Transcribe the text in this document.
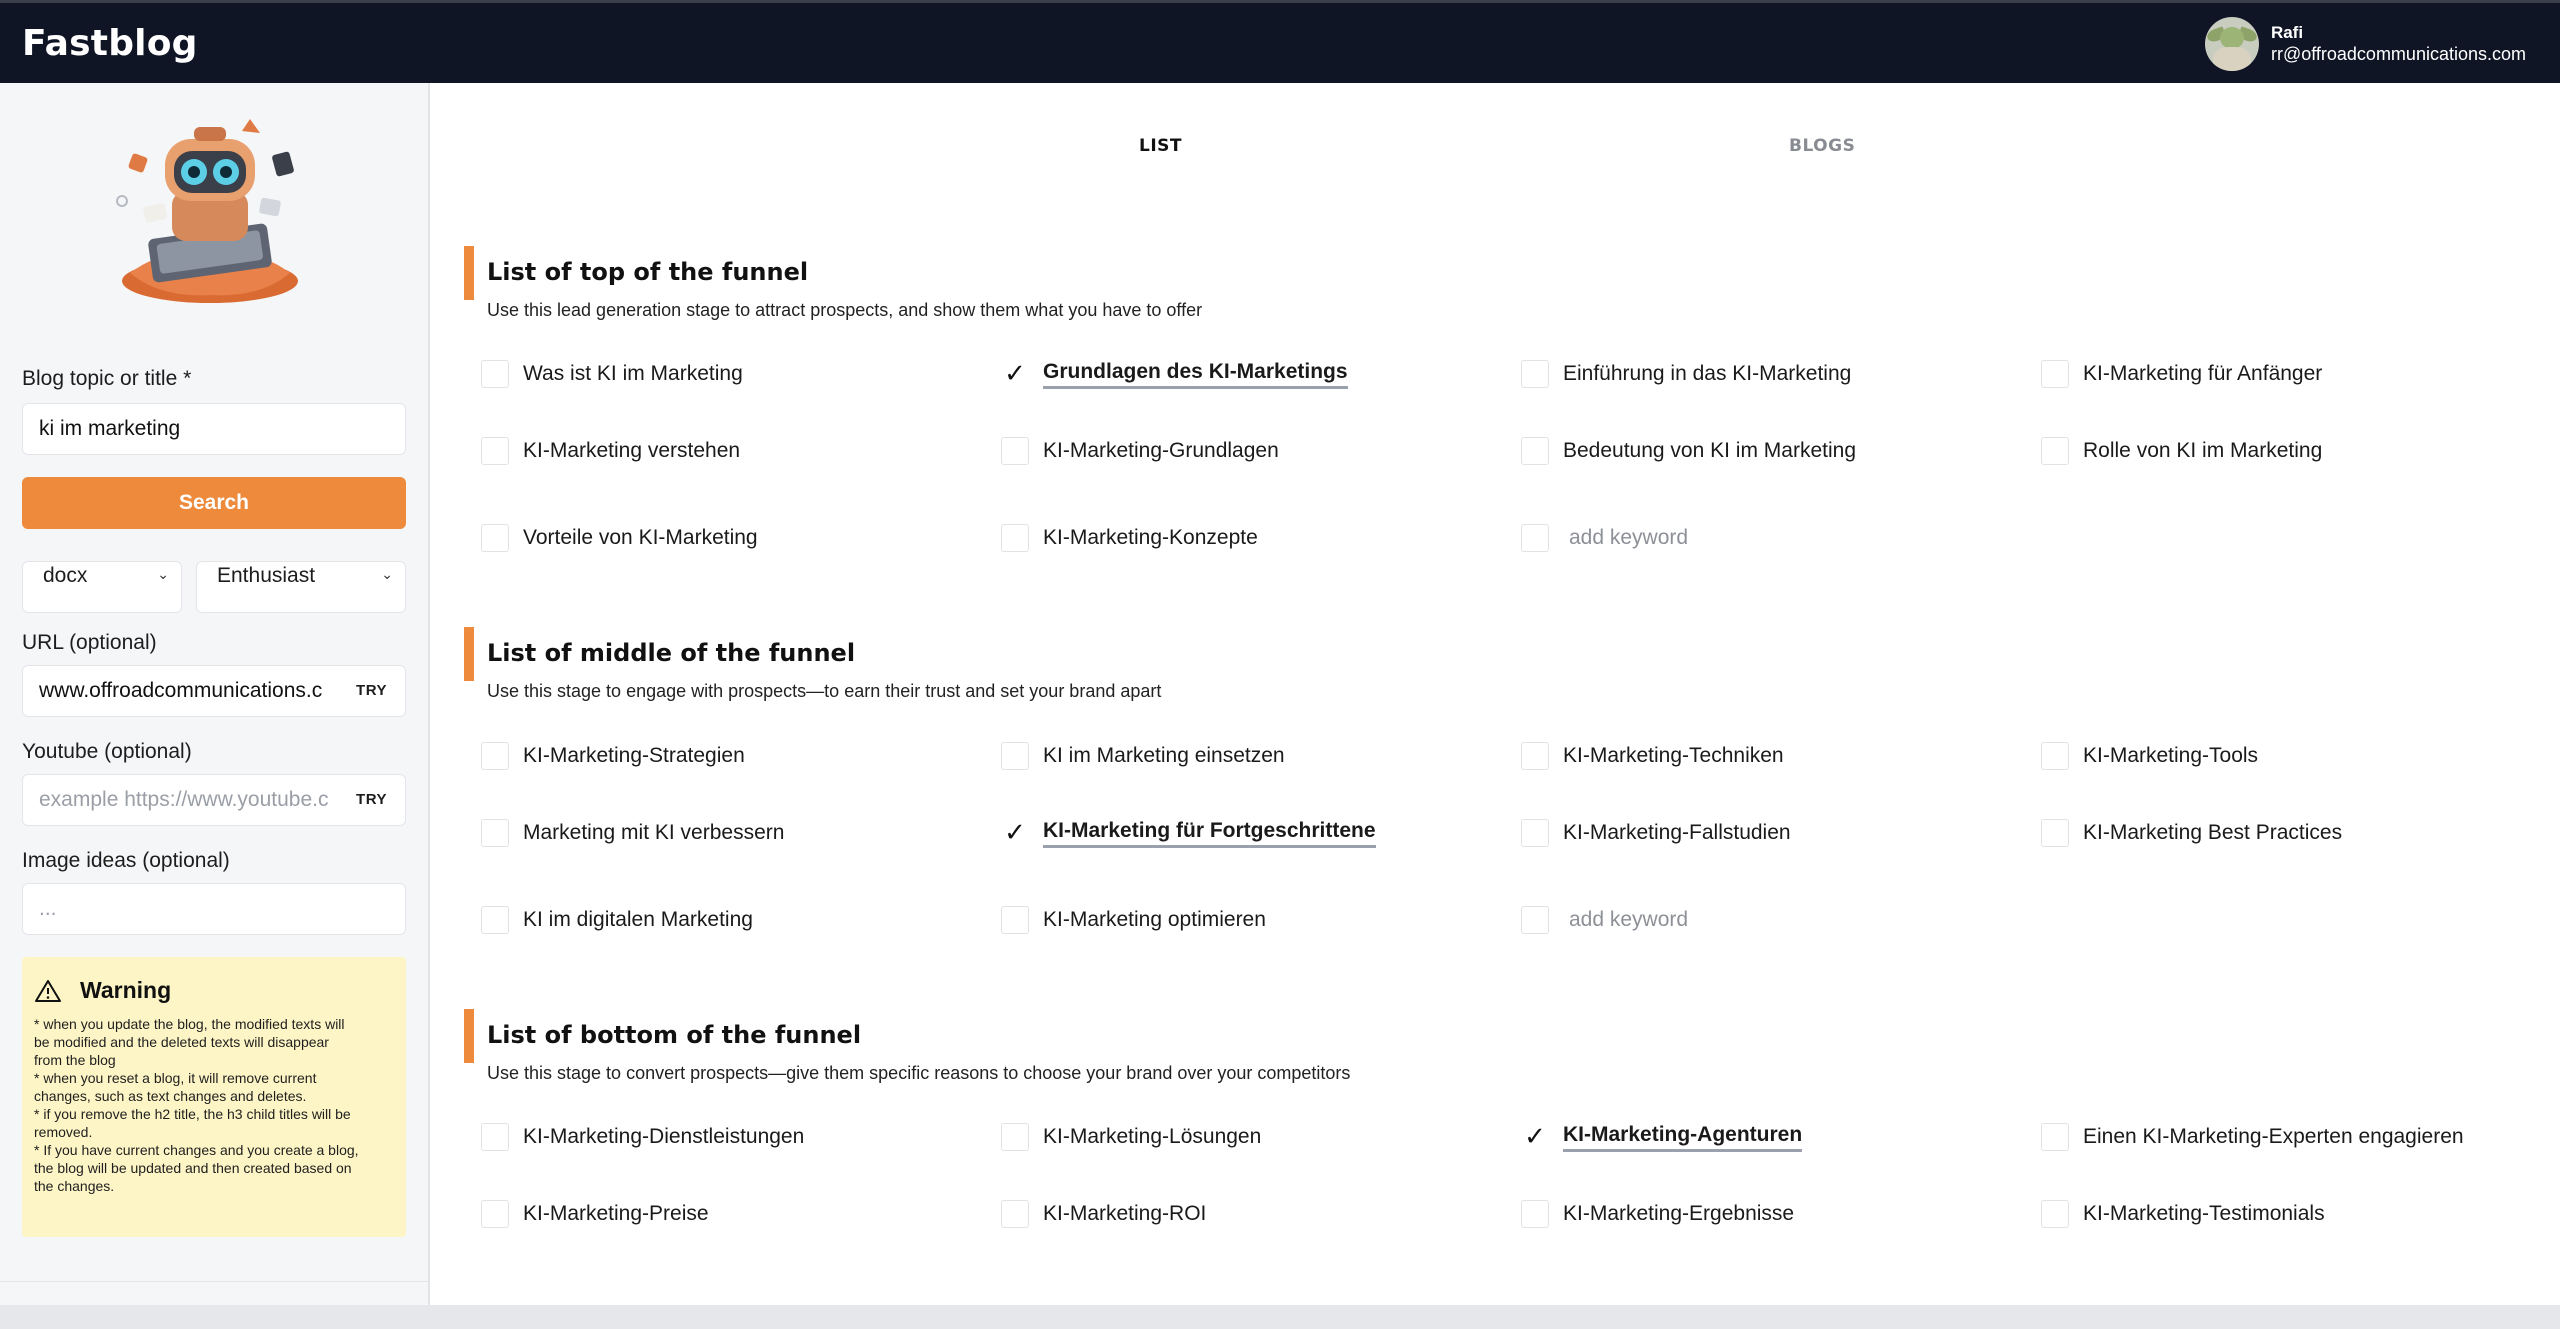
Fastblog	Rafi
rr@offroadcommunications.com
Blog topic or title *
ki im marketing
Search
docx	⌄ Enthusiast	⌄
URL (optional)
www.offroadcommunications.c	TRY
Youtube (optional)
example https://www.youtube.c	TRY
Image ideas (optional)
...
Warning
* when you update the blog, the modified texts will
be modified and the deleted texts will disappear
from the blog
* when you reset a blog, it will remove current
changes, such as text changes and deletes.
* if you remove the h2 title, the h3 child titles will be
removed.
* If you have current changes and you create a blog,
the blog will be updated and then created based on
the changes.
LIST	BLOGS
List of top of the funnel
Use this lead generation stage to attract prospects, and show them what you have to offer
Was ist KI im Marketing	✓ Grundlagen des KI-Marketings	Einführung in das KI-Marketing	KI-Marketing für Anfänger
KI-Marketing verstehen	KI-Marketing-Grundlagen	Bedeutung von KI im Marketing	Rolle von KI im Marketing
Vorteile von KI-Marketing	KI-Marketing-Konzepte	add keyword
List of middle of the funnel
Use this stage to engage with prospects—to earn their trust and set your brand apart
KI-Marketing-Strategien	KI im Marketing einsetzen	KI-Marketing-Techniken	KI-Marketing-Tools
Marketing mit KI verbessern	✓ KI-Marketing für Fortgeschrittene	KI-Marketing-Fallstudien	KI-Marketing Best Practices
KI im digitalen Marketing	KI-Marketing optimieren	add keyword
List of bottom of the funnel
Use this stage to convert prospects—give them specific reasons to choose your brand over your competitors
KI-Marketing-Dienstleistungen	KI-Marketing-Lösungen	✓ KI-Marketing-Agenturen	Einen KI-Marketing-Experten engagieren
KI-Marketing-Preise	KI-Marketing-ROI	KI-Marketing-Ergebnisse	KI-Marketing-Testimonials
